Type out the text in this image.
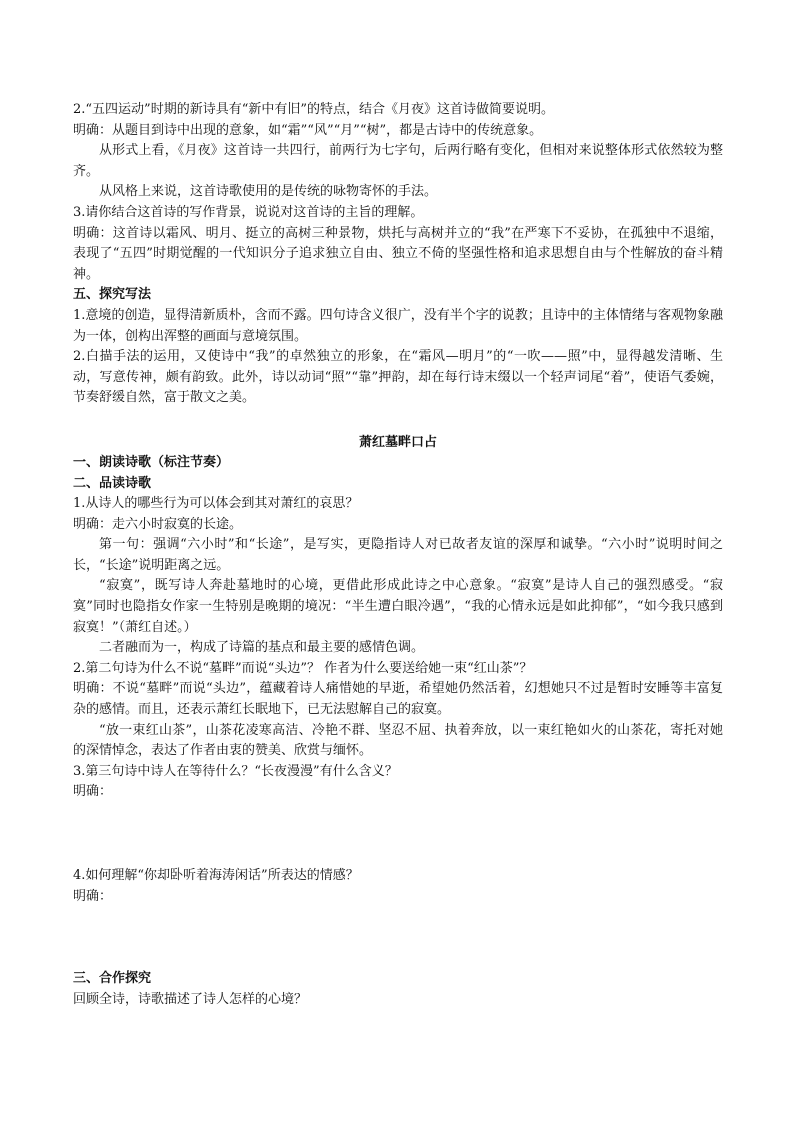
2.“五四运动”时期的新诗具有“新中有旧”的特点，结合《月夜》这首诗做简要说明。

明确：从题目到诗中出现的意象，如“霜”“风”“月”“树”，都是古诗中的传统意象。

从形式上看，《月夜》这首诗一共四行，前两行为七字句，后两行略有变化，但相对来说整体形式依然较为整齐。

从风格上来说，这首诗歌使用的是传统的咏物寄怀的手法。

3.请你结合这首诗的写作背景，说说对这首诗的主旨的理解。

明确：这首诗以霜风、明月、挺立的高树三种景物，烘托与高树并立的“我”在严寒下不妥协，在孤独中不退缩，表现了“五四”时期觉醒的一代知识分子追求独立自由、独立不倚的坚强性格和追求思想自由与个性解放的奋斗精神。

五、探究写法

1.意境的创造，显得清新质朴，含而不露。四句诗含义很广，没有半个字的说教；且诗中的主体情绪与客观物象融为一体，创构出浑整的画面与意境氛围。

2.白描手法的运用，又使诗中“我”的卓然独立的形象，在“霜风—明月”的“一吹——照”中，显得越发清晰、生动，写意传神，颇有韵致。此外，诗以动词“照”“靠”押韵，却在每行诗末缀以一个轻声词尾“着”，使语气委婉，节奏舒缓自然，富于散文之美。

萧红墓畔口占

一、朗读诗歌（标注节奏）

二、品读诗歌

1.从诗人的哪些行为可以体会到其对萧红的哀思？

明确：走六小时寂寞的长途。

第一句：强调“六小时”和“长途”，是写实，更隐指诗人对已故者友谊的深厚和诚挚。“六小时”说明时间之长，“长途”说明距离之远。

“寂寞”，既写诗人奔赴墓地时的心境，更借此形成此诗之中心意象。“寂寞”是诗人自己的强烈感受。“寂寞”同时也隐指女作家一生特别是晚期的境况：“半生遭白眼冷遇”，“我的心情永远是如此抑郁”，“如今我只感到寂寞！”（萧红自述。）

二者融而为一，构成了诗篇的基点和最主要的感情色调。

2.第二句诗为什么不说“墓畔”而说“头边”？ 作者为什么要送给她一束“红山茶”？

明确：不说“墓畔”而说“头边”，蕴藏着诗人痛惜她的早逝，希望她仍然活着，幻想她只不过是暂时安睡等丰富复杂的感情。而且，还表示萧红长眠地下，已无法慰解自己的寂寞。

“放一束红山茶”，山茶花凌寒高洁、冷艳不群、坚忍不屈、执着奔放，以一束红艳如火的山茶花，寄托对她的深情悼念，表达了作者由衷的赞美、欣赏与缅怀。

3.第三句诗中诗人在等待什么？“长夜漫漫”有什么含义？

明确：

4.如何理解“你却卧听着海涛闲话”所表达的情感？

明确：

三、合作探究

回顾全诗，诗歌描述了诗人怎样的心境？
